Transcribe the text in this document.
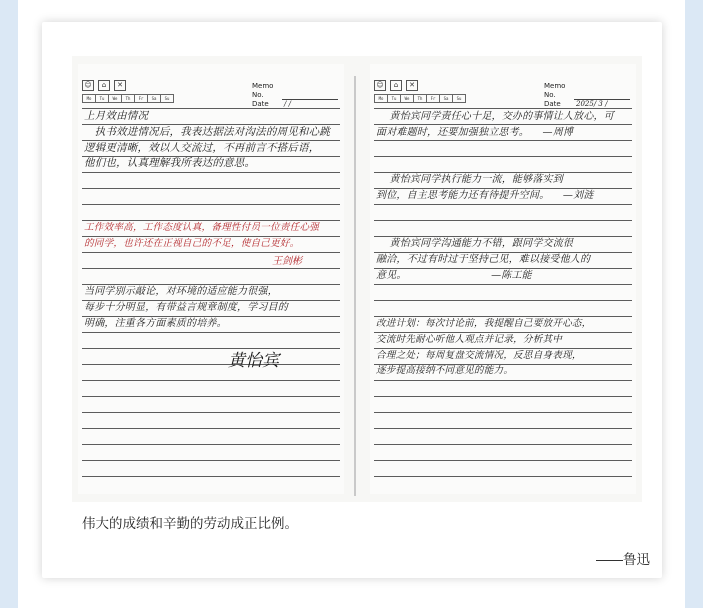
☺	⌂	✕
Mo	Tu	We	Th	Fr	Sa	Su
Memo No.
Date	/ /
上月效由情况
执书效进情况后，我表达据法对沟法的周见和心跳
逻辑更清晰，效以人交流过，不再前言不搭后语，
他们也，认真理解我所表达的意思。
工作效率高，工作态度认真，备理性付员一位责任心强
的同学，也许还在正视自己的不足，使自己更好。
王剑彬
当同学别示敲论，对环境的适应能力很强，
每步十分明显，有带益言规章制度，学习目的
明确，注重各方面素质的培养。
黄怡宾
☺	⌂	✕
Mo	Tu	We	Th	Fr	Sa	Su
Memo No.
Date	2025/ 3 /
黄怡宾同学责任心十足，交办的事情让人放心，可
面对难题时，还要加强独立思考。    —周博
黄怡宾同学执行能力一流，能够落实到
到位，自主思考能力还有待提升空间。    —刘涟
黄怡宾同学沟通能力不错，跟同学交流很
融洽，不过有时过于坚持己见，难以接受他人的
意见。                         —陈工能
改进计划：每次讨论前，我提醒自己要放开心态，
交流时先耐心听他人观点并记录，分析其中
合理之处；每周复盘交流情况，反思自身表现，
逐步提高接纳不同意见的能力。
伟大的成绩和辛勤的劳动成正比例。
——鲁迅
